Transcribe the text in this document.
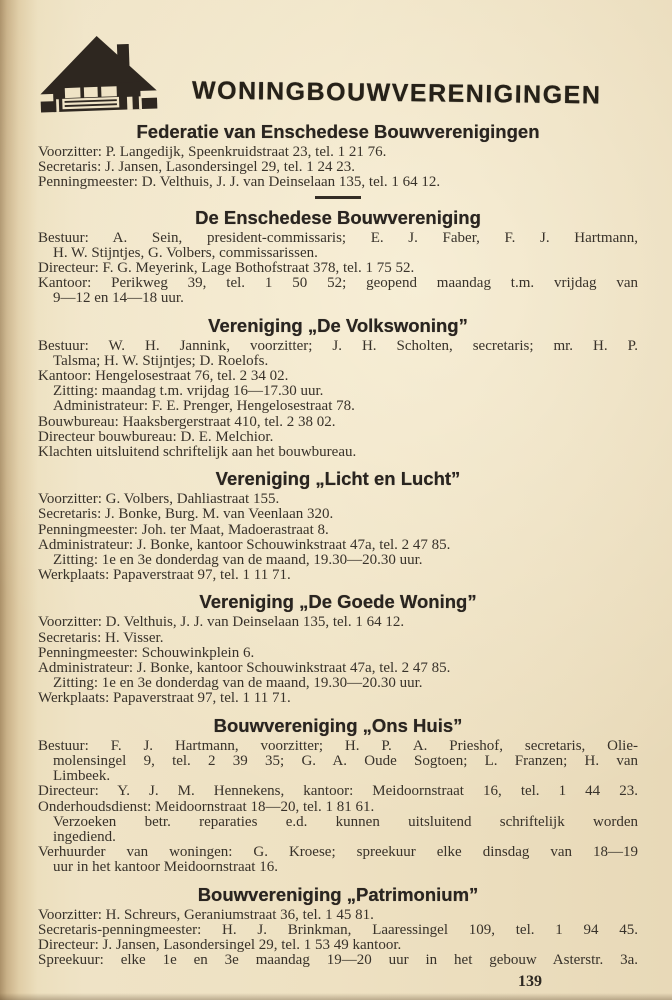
WONINGBOUWVERENIGINGEN
Federatie van Enschedese Bouwverenigingen

Voorzitter: P. Langedijk, Speenkruidstraat 23, tel. 1 21 76.

Secretaris: J. Jansen, Lasondersingel 29, tel. 1 24 23.

Penningmeester: D. Velthuis, J. J. van Deinselaan 135, tel. 1 64 12.

De Enschedese Bouwvereniging

Bestuur: A. Sein, president-commissaris; E. J. Faber, F. J. Hartmann,

H. W. Stijntjes, G. Volbers, commissarissen.

Directeur: F. G. Meyerink, Lage Bothofstraat 378, tel. 1 75 52.

Kantoor: Perikweg 39, tel. 1 50 52; geopend maandag t.m. vrijdag van

9—12 en 14—18 uur.

Vereniging „De Volkswoning”

Bestuur: W. H. Jannink, voorzitter; J. H. Scholten, secretaris; mr. H. P.

Talsma; H. W. Stijntjes; D. Roelofs.

Kantoor: Hengelosestraat 76, tel. 2 34 02.

Zitting: maandag t.m. vrijdag 16—17.30 uur.

Administrateur: F. E. Prenger, Hengelosestraat 78.

Bouwbureau: Haaksbergerstraat 410, tel. 2 38 02.

Directeur bouwbureau: D. E. Melchior.

Klachten uitsluitend schriftelijk aan het bouwbureau.

Vereniging „Licht en Lucht”

Voorzitter: G. Volbers, Dahliastraat 155.

Secretaris: J. Bonke, Burg. M. van Veenlaan 320.

Penningmeester: Joh. ter Maat, Madoerastraat 8.

Administrateur: J. Bonke, kantoor Schouwinkstraat 47a, tel. 2 47 85.

Zitting: 1e en 3e donderdag van de maand, 19.30—20.30 uur.

Werkplaats: Papaverstraat 97, tel. 1 11 71.

Vereniging „De Goede Woning”

Voorzitter: D. Velthuis, J. J. van Deinselaan 135, tel. 1 64 12.

Secretaris: H. Visser.

Penningmeester: Schouwinkplein 6.

Administrateur: J. Bonke, kantoor Schouwinkstraat 47a, tel. 2 47 85.

Zitting: 1e en 3e donderdag van de maand, 19.30—20.30 uur.

Werkplaats: Papaverstraat 97, tel. 1 11 71.

Bouwvereniging „Ons Huis”

Bestuur: F. J. Hartmann, voorzitter; H. P. A. Prieshof, secretaris, Olie-

molensingel 9, tel. 2 39 35; G. A. Oude Sogtoen; L. Franzen; H. van

Limbeek.

Directeur: Y. J. M. Hennekens, kantoor: Meidoornstraat 16, tel. 1 44 23.

Onderhoudsdienst: Meidoornstraat 18—20, tel. 1 81 61.

Verzoeken betr. reparaties e.d. kunnen uitsluitend schriftelijk worden

ingediend.

Verhuurder van woningen: G. Kroese; spreekuur elke dinsdag van 18—19

uur in het kantoor Meidoornstraat 16.

Bouwvereniging „Patrimonium”

Voorzitter: H. Schreurs, Geraniumstraat 36, tel. 1 45 81.

Secretaris-penningmeester: H. J. Brinkman, Laaressingel 109, tel. 1 94 45.

Directeur: J. Jansen, Lasondersingel 29, tel. 1 53 49 kantoor.

Spreekuur: elke 1e en 3e maandag 19—20 uur in het gebouw Asterstr. 3a.

139
